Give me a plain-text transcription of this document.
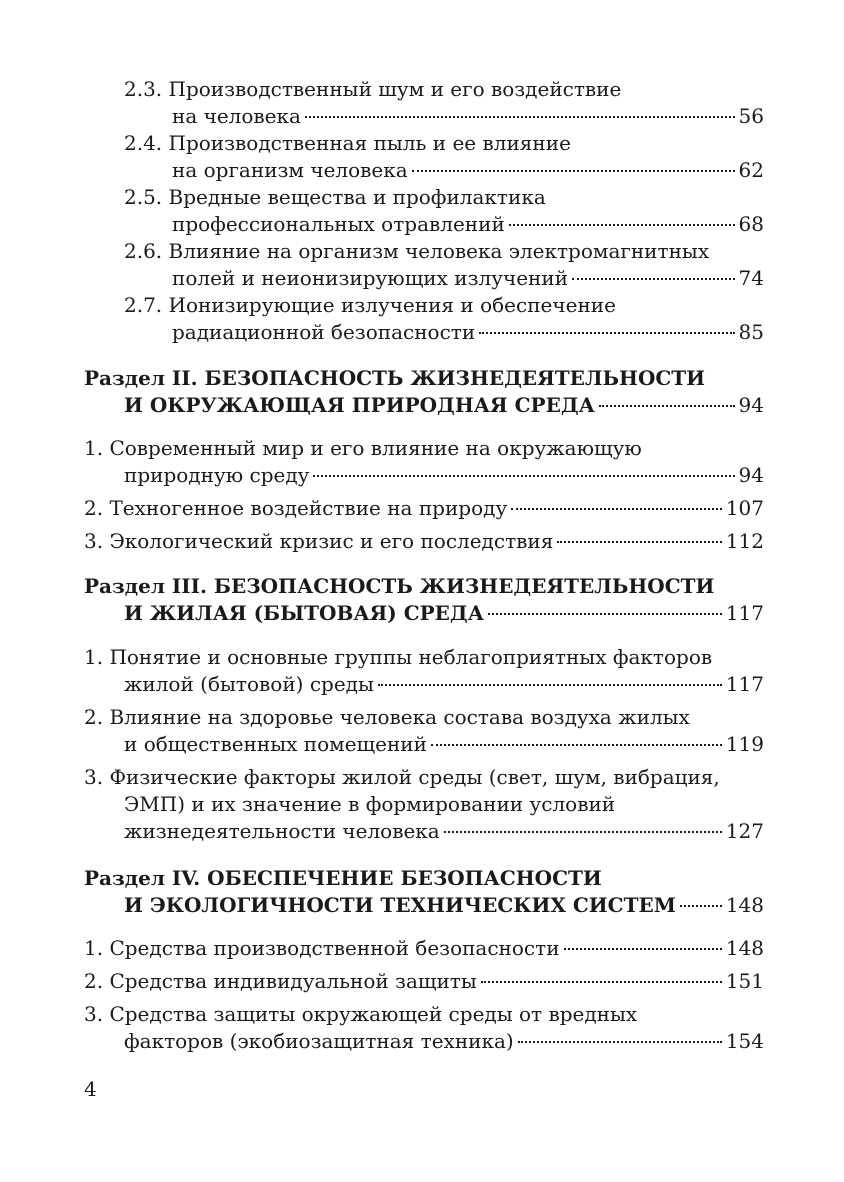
2.3. Производственный шум и его воздействие
на человека	56
2.4. Производственная пыль и ее влияние
на организм человека	62
2.5. Вредные вещества и профилактика
профессиональных отравлений	68
2.6. Влияние на организм человека электромагнитных
полей и неионизирующих излучений	74
2.7. Ионизирующие излучения и обеспечение
радиационной безопасности	85
Раздел II. БЕЗОПАСНОСТЬ ЖИЗНЕДЕЯТЕЛЬНОСТИ
И ОКРУЖАЮЩАЯ ПРИРОДНАЯ СРЕДА	94
1. Современный мир и его влияние на окружающую
природную среду	94
2. Техногенное воздействие на природу	107
3. Экологический кризис и его последствия	112
Раздел III. БЕЗОПАСНОСТЬ ЖИЗНЕДЕЯТЕЛЬНОСТИ
И ЖИЛАЯ (БЫТОВАЯ) СРЕДА	117
1. Понятие и основные группы неблагоприятных факторов
жилой (бытовой) среды	117
2. Влияние на здоровье человека состава воздуха жилых
и общественных помещений	119
3. Физические факторы жилой среды (свет, шум, вибрация,
ЭМП) и их значение в формировании условий
жизнедеятельности человека	127
Раздел IV. ОБЕСПЕЧЕНИЕ БЕЗОПАСНОСТИ
И ЭКОЛОГИЧНОСТИ ТЕХНИЧЕСКИХ СИСТЕМ 148
1. Средства производственной безопасности	148
2. Средства индивидуальной защиты	151
3. Средства защиты окружающей среды от вредных
факторов (экобиозащитная техника)	154
4
